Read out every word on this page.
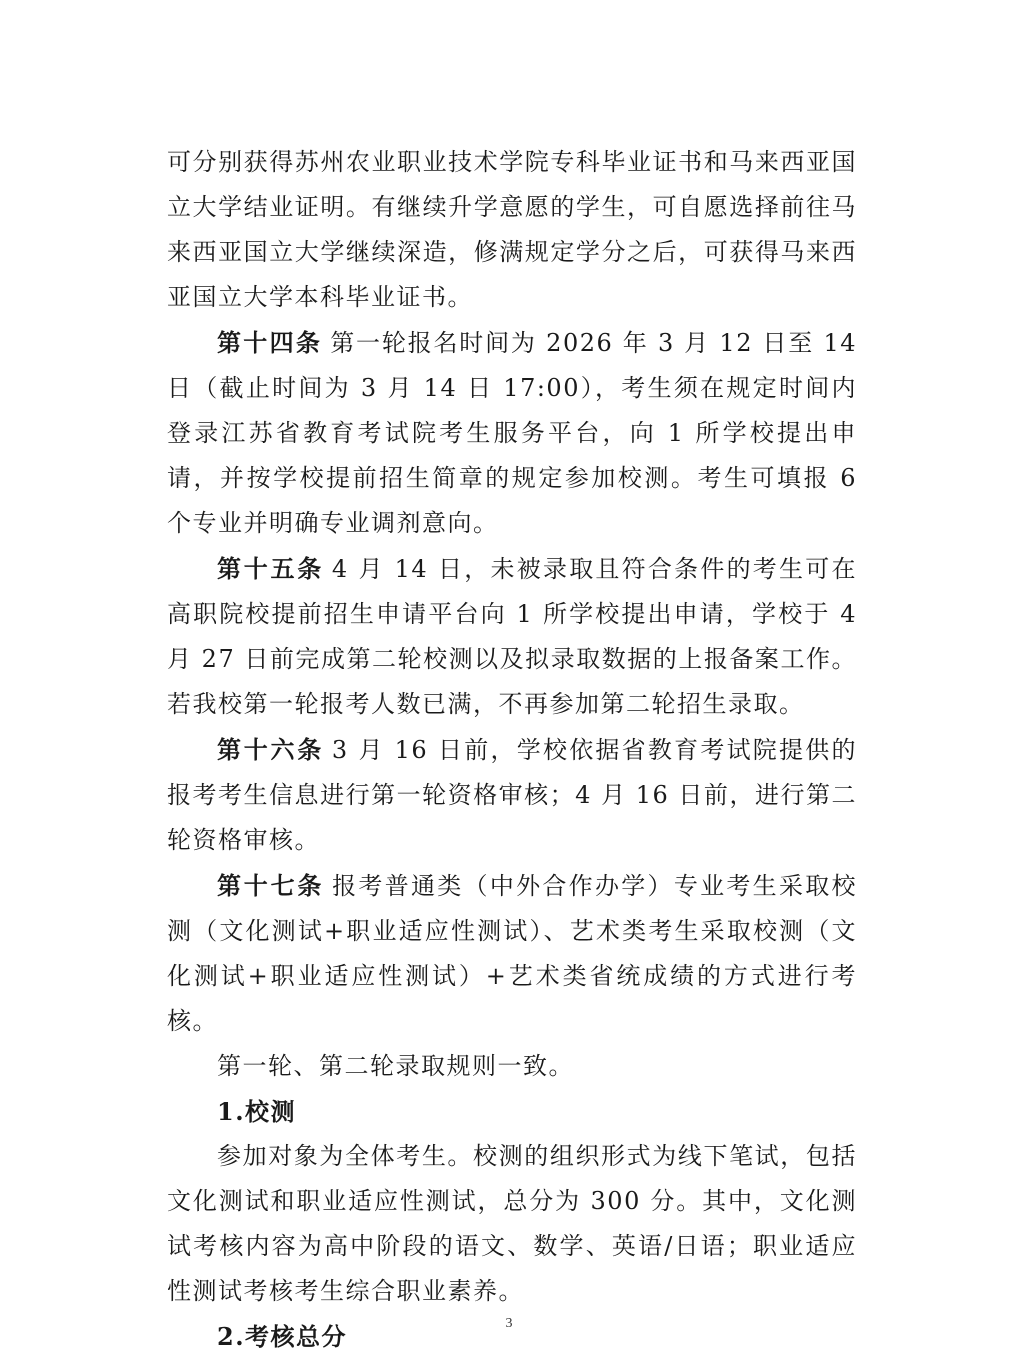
可分别获得苏州农业职业技术学院专科毕业证书和马来西亚国立大学结业证明。有继续升学意愿的学生，可自愿选择前往马来西亚国立大学继续深造，修满规定学分之后，可获得马来西亚国立大学本科毕业证书。

第十四条 第一轮报名时间为 2026 年 3 月 12 日至 14 日（截止时间为 3 月 14 日 17:00），考生须在规定时间内登录江苏省教育考试院考生服务平台，向 1 所学校提出申请，并按学校提前招生简章的规定参加校测。考生可填报 6 个专业并明确专业调剂意向。

第十五条 4 月 14 日，未被录取且符合条件的考生可在高职院校提前招生申请平台向 1 所学校提出申请，学校于 4 月 27 日前完成第二轮校测以及拟录取数据的上报备案工作。若我校第一轮报考人数已满，不再参加第二轮招生录取。

第十六条 3 月 16 日前，学校依据省教育考试院提供的报考考生信息进行第一轮资格审核；4 月 16 日前，进行第二轮资格审核。

第十七条 报考普通类（中外合作办学）专业考生采取校测（文化测试+职业适应性测试）、艺术类考生采取校测（文化测试+职业适应性测试）+艺术类省统成绩的方式进行考核。

第一轮、第二轮录取规则一致。

1.校测

参加对象为全体考生。校测的组织形式为线下笔试，包括文化测试和职业适应性测试，总分为 300 分。其中，文化测试考核内容为高中阶段的语文、数学、英语/日语；职业适应性测试考核考生综合职业素养。

2.考核总分	3
